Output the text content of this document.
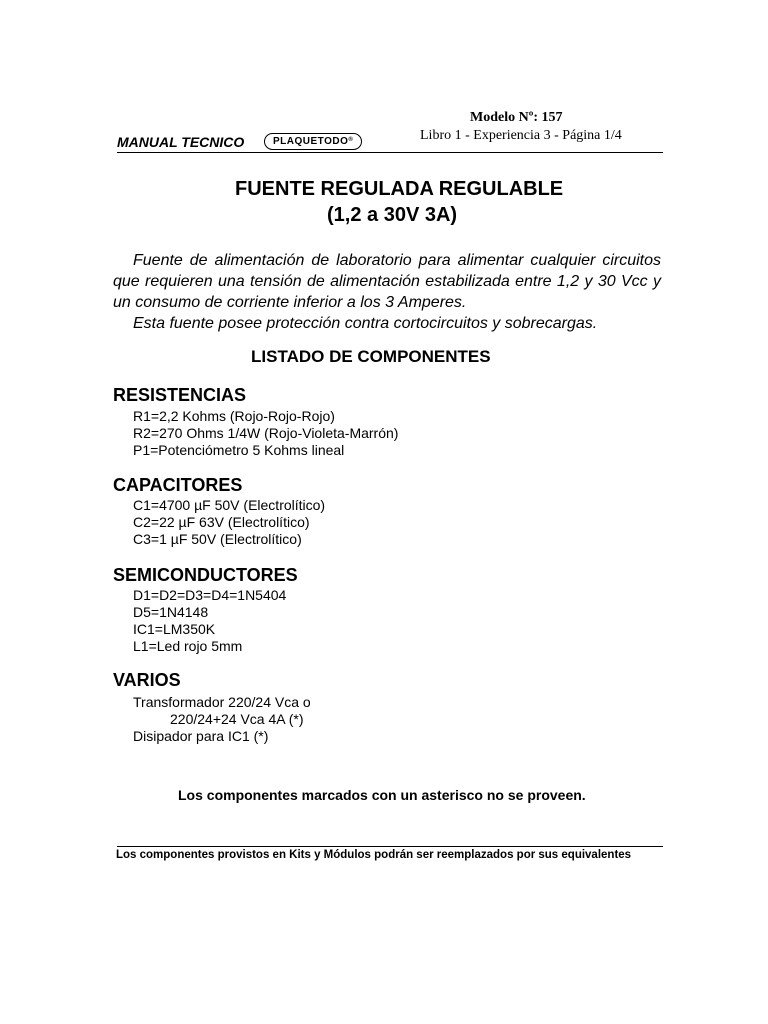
Modelo Nº: 157
Libro 1 - Experiencia 3 - Página 1/4
MANUAL TECNICO	PLAQUETODO®
FUENTE REGULADA REGULABLE
(1,2 a 30V 3A)

Fuente de alimentación de laboratorio para alimentar cualquier circuitos que requieren una tensión de alimentación estabilizada entre 1,2 y 30 Vcc y un consumo de corriente inferior a los 3 Amperes.

Esta fuente posee protección contra cortocircuitos y sobrecargas.

LISTADO DE COMPONENTES
RESISTENCIAS
R1=2,2 Kohms (Rojo-Rojo-Rojo)
R2=270 Ohms 1/4W (Rojo-Violeta-Marrón)
P1=Potenciómetro 5 Kohms lineal
CAPACITORES
C1=4700 µF 50V (Electrolítico)
C2=22 µF 63V (Electrolítico)
C3=1 µF 50V (Electrolítico)
SEMICONDUCTORES
D1=D2=D3=D4=1N5404
D5=1N4148
IC1=LM350K
L1=Led rojo 5mm
VARIOS
Transformador 220/24 Vca o
220/24+24 Vca 4A (*)
Disipador para IC1 (*)
Los componentes marcados con un asterisco no se proveen.
Los componentes provistos en Kits y Módulos podrán ser reemplazados por sus equivalentes
